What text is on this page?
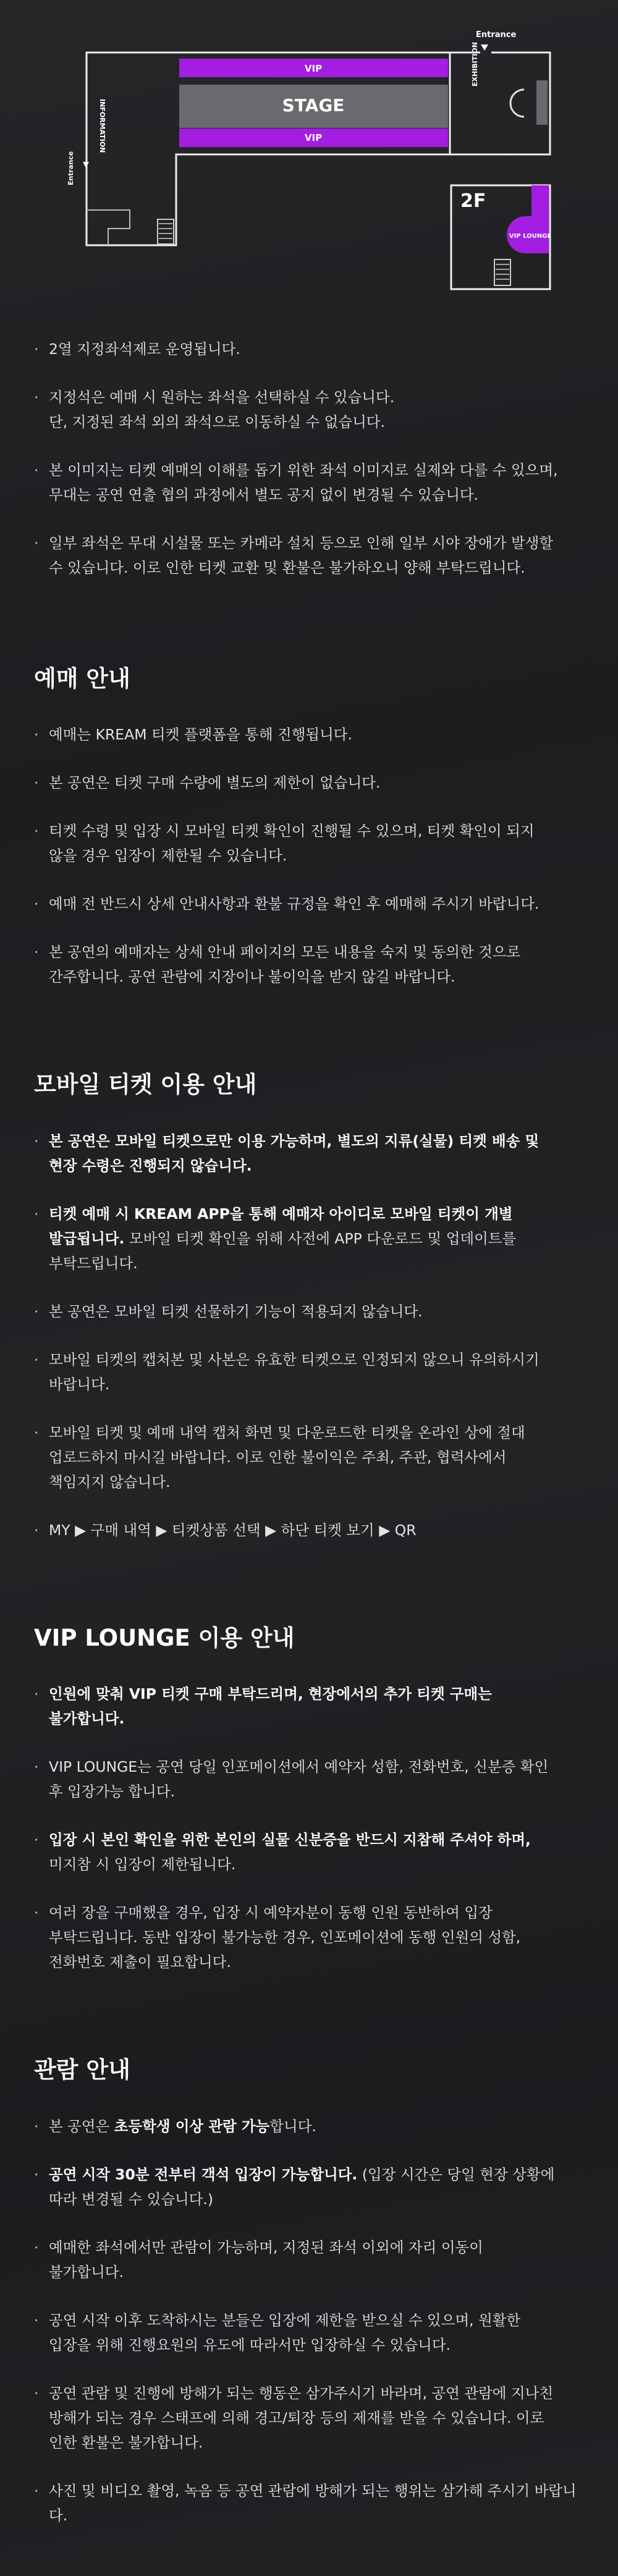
Entrance
VIP
STAGE
VIP
INFORMATION
Entrance
EXHIBITION
2F
VIP LOUNGE
· 2열 지정좌석제로 운영됩니다.
· 지정석은 예매 시 원하는 좌석을 선택하실 수 있습니다.
단, 지정된 좌석 외의 좌석으로 이동하실 수 없습니다.
· 본 이미지는 티켓 예매의 이해를 돕기 위한 좌석 이미지로 실제와 다를 수 있으며,
무대는 공연 연출 협의 과정에서 별도 공지 없이 변경될 수 있습니다.
· 일부 좌석은 무대 시설물 또는 카메라 설치 등으로 인해 일부 시야 장애가 발생할
수 있습니다. 이로 인한 티켓 교환 및 환불은 불가하오니 양해 부탁드립니다.
예매 안내
· 예매는 KREAM 티켓 플랫폼을 통해 진행됩니다.
· 본 공연은 티켓 구매 수량에 별도의 제한이 없습니다.
· 티켓 수령 및 입장 시 모바일 티켓 확인이 진행될 수 있으며, 티켓 확인이 되지
않을 경우 입장이 제한될 수 있습니다.
· 예매 전 반드시 상세 안내사항과 환불 규정을 확인 후 예매해 주시기 바랍니다.
· 본 공연의 예매자는 상세 안내 페이지의 모든 내용을 숙지 및 동의한 것으로
간주합니다. 공연 관람에 지장이나 불이익을 받지 않길 바랍니다.
모바일 티켓 이용 안내
· 본 공연은 모바일 티켓으로만 이용 가능하며, 별도의 지류(실물) 티켓 배송 및
현장 수령은 진행되지 않습니다.
· 티켓 예매 시 KREAM APP을 통해 예매자 아이디로 모바일 티켓이 개별
발급됩니다. 모바일 티켓 확인을 위해 사전에 APP 다운로드 및 업데이트를
부탁드립니다.
· 본 공연은 모바일 티켓 선물하기 기능이 적용되지 않습니다.
· 모바일 티켓의 캡처본 및 사본은 유효한 티켓으로 인정되지 않으니 유의하시기
바랍니다.
· 모바일 티켓 및 예매 내역 캡처 화면 및 다운로드한 티켓을 온라인 상에 절대
업로드하지 마시길 바랍니다. 이로 인한 불이익은 주최, 주관, 협력사에서
책임지지 않습니다.
· MY ▶ 구매 내역 ▶ 티켓상품 선택 ▶ 하단 티켓 보기 ▶ QR
VIP LOUNGE 이용 안내
· 인원에 맞춰 VIP 티켓 구매 부탁드리며, 현장에서의 추가 티켓 구매는
불가합니다.
· VIP LOUNGE는 공연 당일 인포메이션에서 예약자 성함, 전화번호, 신분증 확인
후 입장가능 합니다.
· 입장 시 본인 확인을 위한 본인의 실물 신분증을 반드시 지참해 주셔야 하며,
미지참 시 입장이 제한됩니다.
· 여러 장을 구매했을 경우, 입장 시 예약자분이 동행 인원 동반하여 입장
부탁드립니다. 동반 입장이 불가능한 경우, 인포메이션에 동행 인원의 성함,
전화번호 제출이 필요합니다.
관람 안내
· 본 공연은 초등학생 이상 관람 가능합니다.
· 공연 시작 30분 전부터 객석 입장이 가능합니다. (입장 시간은 당일 현장 상황에
따라 변경될 수 있습니다.)
· 예매한 좌석에서만 관람이 가능하며, 지정된 좌석 이외에 자리 이동이
불가합니다.
· 공연 시작 이후 도착하시는 분들은 입장에 제한을 받으실 수 있으며, 원활한
입장을 위해 진행요원의 유도에 따라서만 입장하실 수 있습니다.
· 공연 관람 및 진행에 방해가 되는 행동은 삼가주시기 바라며, 공연 관람에 지나친
방해가 되는 경우 스태프에 의해 경고/퇴장 등의 제재를 받을 수 있습니다. 이로
인한 환불은 불가합니다.
· 사진 및 비디오 촬영, 녹음 등 공연 관람에 방해가 되는 행위는 삼가해 주시기 바랍니다.
